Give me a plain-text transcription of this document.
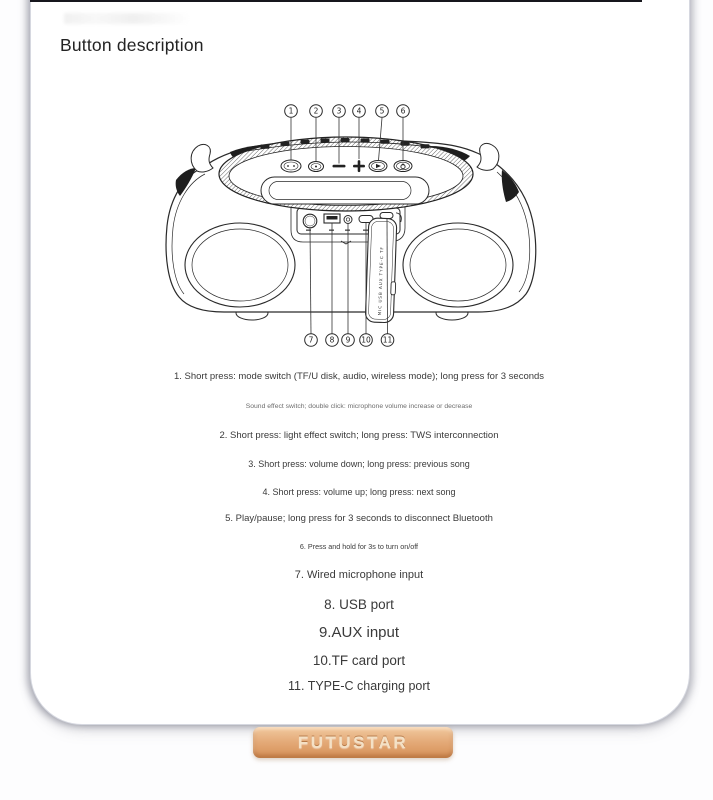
Button description
MIC USB AUX TYPE-C TF
1	2 3 4 5 6
7 8 9 10 11
1. Short press: mode switch (TF/U disk, audio, wireless mode); long press for 3 seconds
Sound effect switch; double click: microphone volume increase or decrease
2. Short press: light effect switch; long press: TWS interconnection
3. Short press: volume down; long press: previous song
4. Short press: volume up; long press: next song
5. Play/pause; long press for 3 seconds to disconnect Bluetooth
6. Press and hold for 3s to turn on/off
7. Wired microphone input
8. USB port
9.AUX input
10.TF card port
11. TYPE-C charging port
FUTUSTAR
